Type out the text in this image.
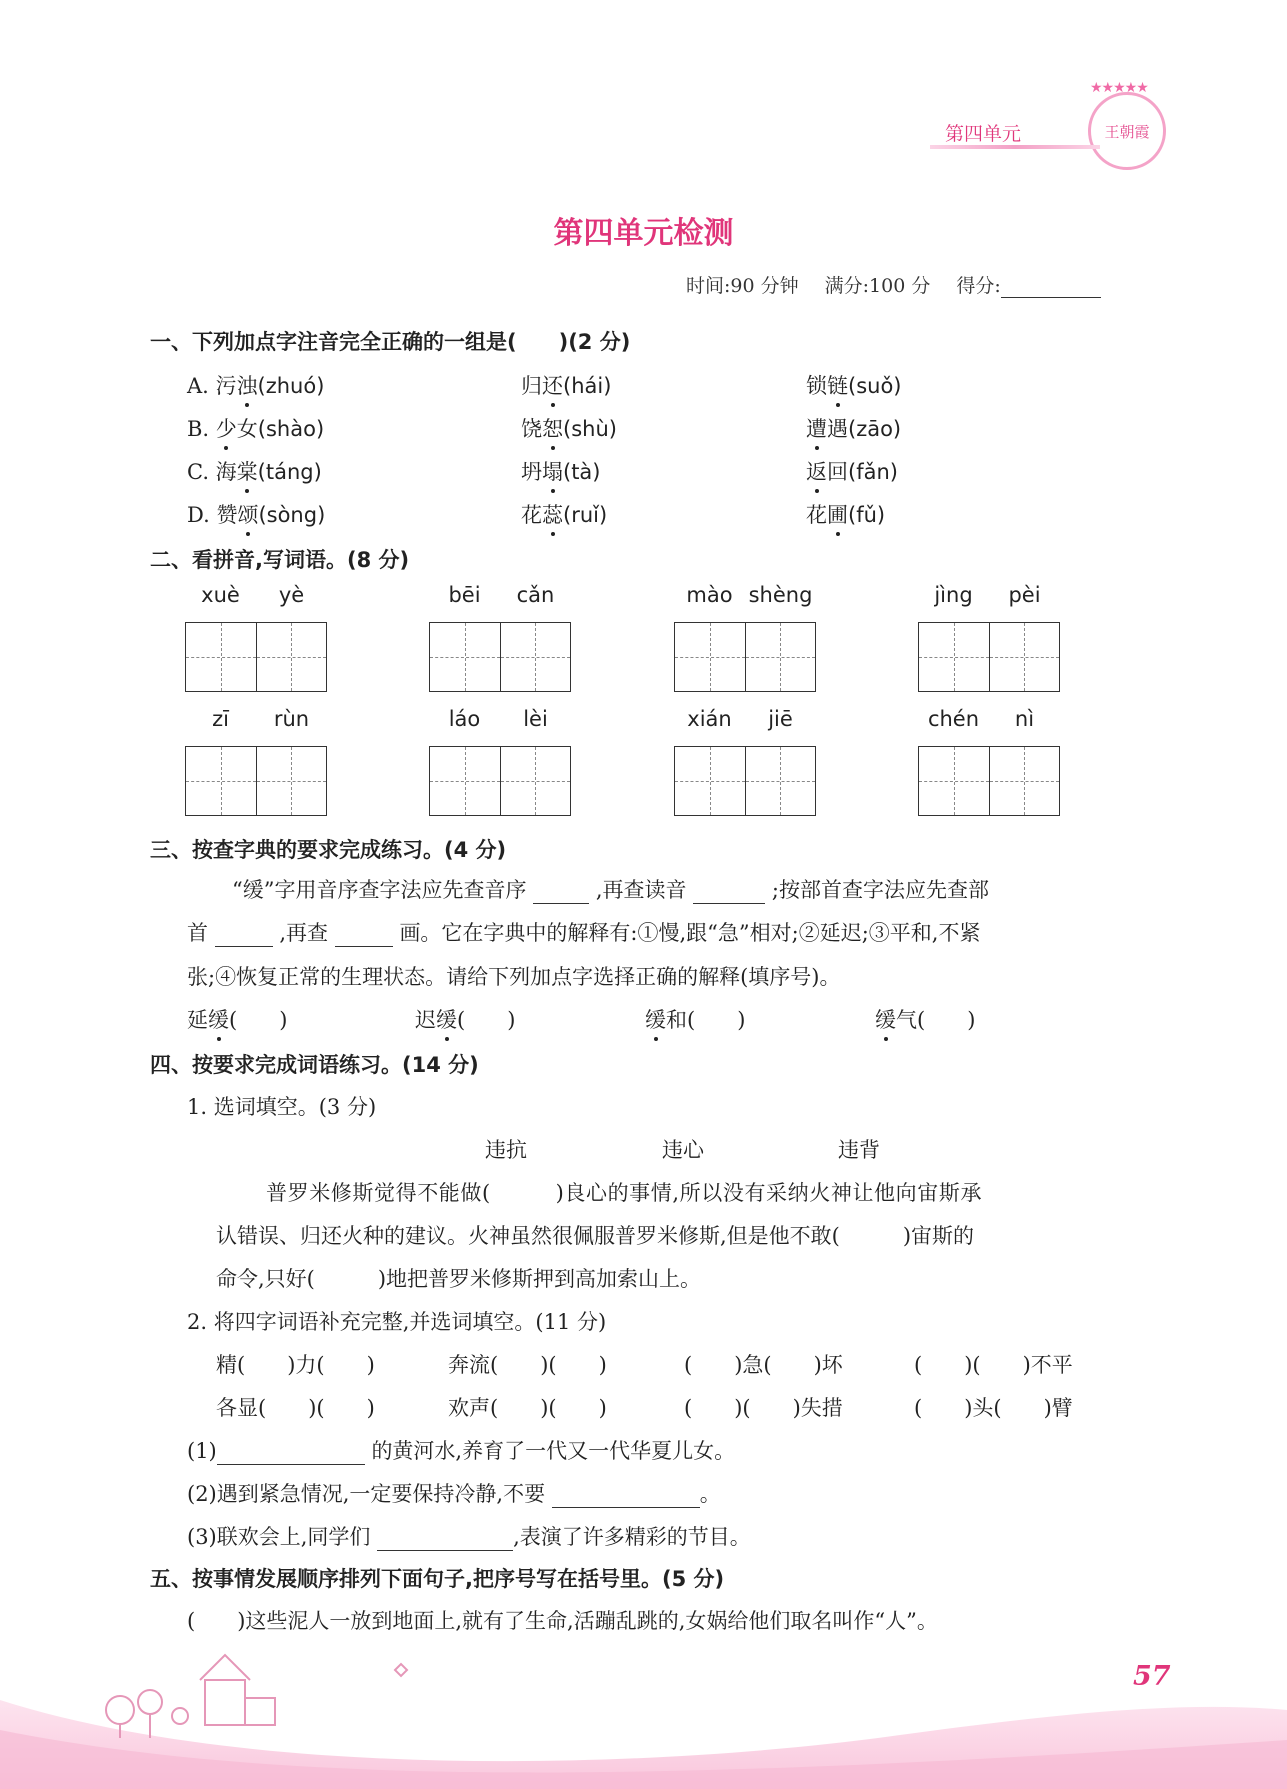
★★★★★
王朝霞
第四单元
第四单元检测
时间:90 分钟 满分:100 分 得分:
一、下列加点字注音完全正确的一组是(　　)(2 分)
A. 污浊(zhuó)	归还(hái)	锁链(suǒ)
B. 少女(shào)	饶恕(shù)	遭遇(zāo)
C. 海棠(táng)	坍塌(tà)	返回(fǎn)
D. 赞颂(sòng)	花蕊(ruǐ)	花圃(fǔ)
二、看拼音,写词语。(8 分)
xuè	yè	bēi	cǎn	mào shèng	jìng	pèi
zī	rùn	láo	lèi	xián	jiē	chén	nì
三、按查字典的要求完成练习。(4 分)
“缓”字用音序查字法应先查音序	,再查读音	;按部首查字法应先查部
首	,再查	画。它在字典中的解释有:①慢,跟“急”相对;②延迟;③平和,不紧
张;④恢复正常的生理状态。请给下列加点字选择正确的解释(填序号)。
延缓(　　)	迟缓(　　)	缓和(　　)	缓气(　　)
四、按要求完成词语练习。(14 分)
1. 选词填空。(3 分)
违抗	违心	违背
普罗米修斯觉得不能做(　　　)良心的事情,所以没有采纳火神让他向宙斯承
认错误、归还火种的建议。火神虽然很佩服普罗米修斯,但是他不敢(　　　)宙斯的
命令,只好(　　　)地把普罗米修斯押到高加索山上。
2. 将四字词语补充完整,并选词填空。(11 分)
精(　　)力(　　)	奔流(　　)(　　)	(　　)急(　　)坏	(　　)(　　)不平
各显(　　)(　　)	欢声(　　)(　　)	(　　)(　　)失措	(　　)头(　　)臂
(1)	的黄河水,养育了一代又一代华夏儿女。
(2)遇到紧急情况,一定要保持冷静,不要	。
(3)联欢会上,同学们	,表演了许多精彩的节目。
五、按事情发展顺序排列下面句子,把序号写在括号里。(5 分)
(　　)这些泥人一放到地面上,就有了生命,活蹦乱跳的,女娲给他们取名叫作“人”。
57
